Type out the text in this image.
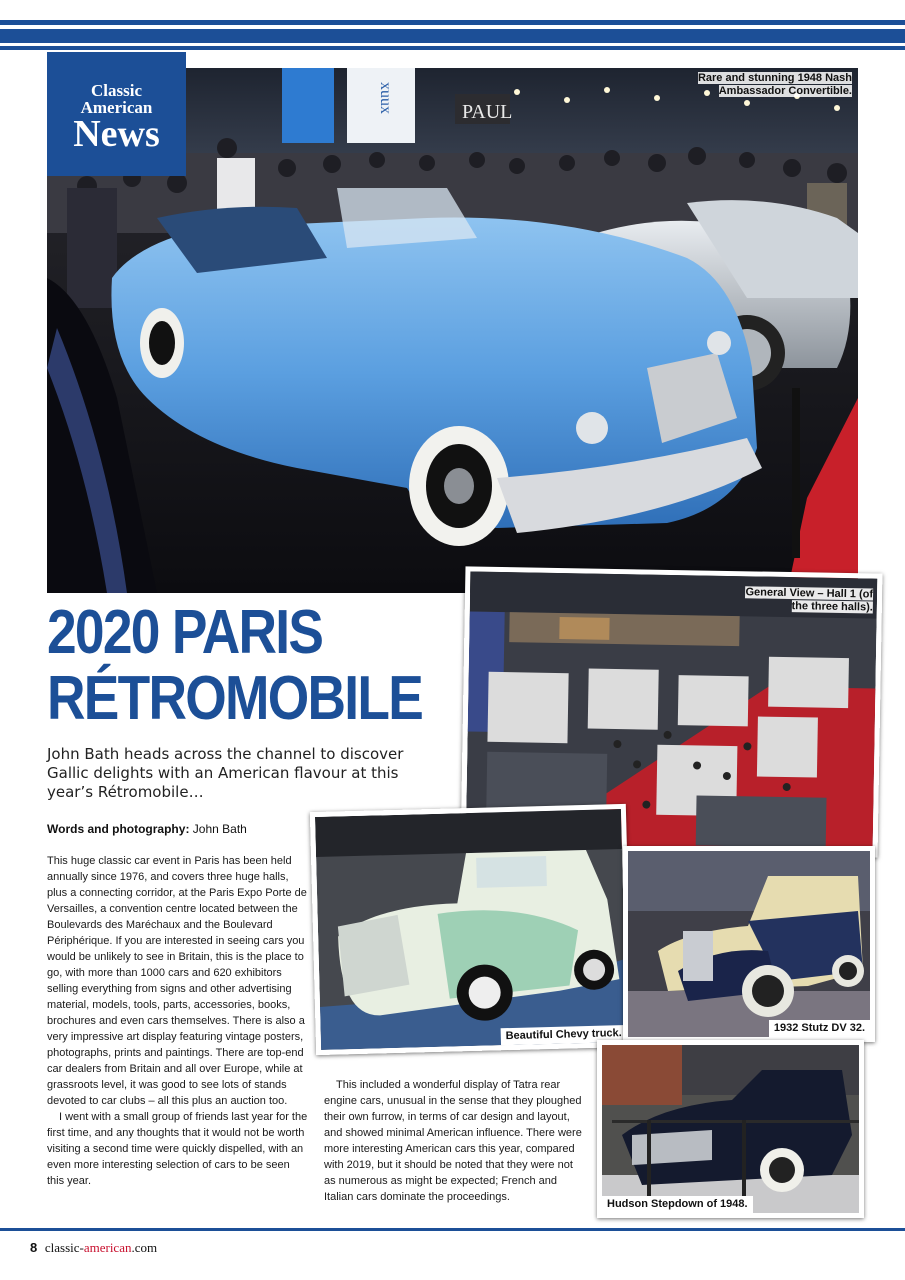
xuux	PAUL
Rare and stunning 1948 Nash Ambassador Convertible.
Classic
American
News
2020 PARIS
RÉTROMOBILE
John Bath heads across the channel to discover Gallic delights with an American flavour at this year’s Rétromobile…
Words and photography: John Bath
General View – Hall 1 (of the three halls).
Beautiful Chevy truck.	1932 Stutz DV 32.
Hudson Stepdown of 1948.

This huge classic car event in Paris has been held annually since 1976, and covers three huge halls, plus a connecting corridor, at the Paris Expo Porte de Versailles, a convention centre located between the Boulevards des Maréchaux and the Boulevard Périphérique. If you are interested in seeing cars you would be unlikely to see in Britain, this is the place to go, with more than 1000 cars and 620 exhibitors selling everything from signs and other advertising material, models, tools, parts, accessories, books, brochures and even cars themselves. There is also a very impressive art display featuring vintage posters, photographs, prints and paintings. There are top-end car dealers from Britain and all over Europe, while at grassroots level, it was good to see lots of stands devoted to car clubs – all this plus an auction too.

I went with a small group of friends last year for the first time, and any thoughts that it would not be worth visiting a second time were quickly dispelled, with an even more interesting selection of cars to be seen this year.

This included a wonderful display of Tatra rear engine cars, unusual in the sense that they ploughed their own furrow, in terms of car design and layout, and showed minimal American influence. There were more interesting American cars this year, compared with 2019, but it should be noted that they were not as numerous as might be expected; French and Italian cars dominate the proceedings.

8 classic-american.com
